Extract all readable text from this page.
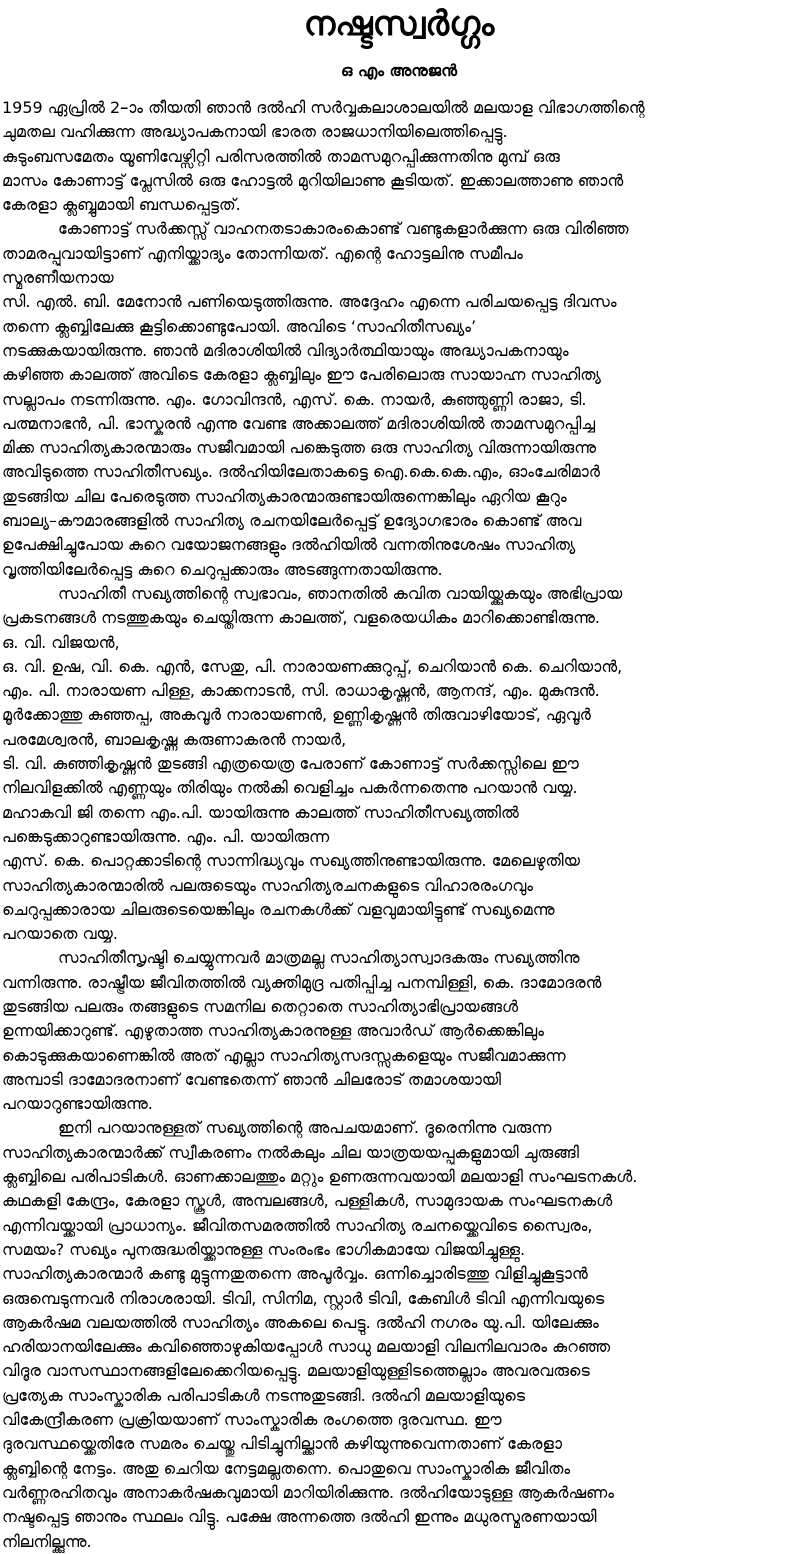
നഷ്ടസ്വർഗ്ഗം
ഒ എം അനുജൻ
1959 ഏപ്രിൽ 2–ാം തീയതി ഞാൻ ദൽഹി സർവ്വകലാശാലയിൽ മലയാള വിഭാഗത്തിന്റെ
ചുമതല വഹിക്കുന്ന അദ്ധ്യാപകനായി ഭാരത രാജധാനിയിലെത്തിപ്പെട്ടു.
കുടുംബസമേതം യൂണിവേഴ്സിറ്റി പരിസരത്തിൽ താമസമുറപ്പിക്കുന്നതിനു മുമ്പ് ഒരു
മാസം കോണാട്ട് പ്ലേസിൽ ഒരു ഹോട്ടൽ മുറിയിലാണു കൂടിയത്. ഇക്കാലത്താണു ഞാൻ
കേരളാ ക്ലബ്ബുമായി ബന്ധപ്പെട്ടത്.
കോണാട്ട് സർക്കസ്സ് വാഹനതടാകാരംകൊണ്ട് വണ്ടുകളാർക്കുന്ന ഒരു വിരിഞ്ഞ
താമരപ്പൂവായിട്ടാണ് എനിയ്ക്കാദ്യം തോന്നിയത്. എന്റെ ഹോട്ടലിനു സമീപം
സ്മരണീയനായ
സി. എൽ. ബി. മേനോൻ പണിയെടുത്തിരുന്നു. അദ്ദേഹം എന്നെ പരിചയപ്പെട്ട ദിവസം
തന്നെ ക്ലബ്ബിലേക്കു കൂട്ടിക്കൊണ്ടുപോയി. അവിടെ ‘സാഹിതീസഖ്യം’
നടക്കുകയായിരുന്നു. ഞാൻ മദിരാശിയിൽ വിദ്യാർത്ഥിയായും അദ്ധ്യാപകനായും
കഴിഞ്ഞ കാലത്ത് അവിടെ കേരളാ ക്ലബ്ബിലും ഈ പേരിലൊരു സായാഹ്ന സാഹിത്യ
സല്ലാപം നടന്നിരുന്നു. എം. ഗോവിന്ദൻ, എസ്. കെ. നായർ, കുഞ്ഞുണ്ണി രാജാ, ടി.
പത്മനാഭൻ, പി. ഭാസ്കരൻ എന്നു വേണ്ട അക്കാലത്ത് മദിരാശിയിൽ താമസമുറപ്പിച്ച
മിക്ക സാഹിത്യകാരന്മാരും സജീവമായി പങ്കെടുത്ത ഒരു സാഹിത്യ വിരുന്നായിരുന്നു
അവിടുത്തെ സാഹിതീസഖ്യം. ദൽഹിയിലേതാകട്ടെ ഐ.കെ.കെ.എം, ഓംചേരിമാർ
തുടങ്ങിയ ചില പേരെടുത്ത സാഹിത്യകാരന്മാരുണ്ടായിരുന്നെങ്കിലും ഏറിയ കൂറും
ബാല്യ–കൗമാരങ്ങളിൽ സാഹിത്യ രചനയിലേർപ്പെട്ട് ഉദ്യോഗഭാരം കൊണ്ട് അവ
ഉപേക്ഷിച്ചുപോയ കുറെ വയോജനങ്ങളും ദൽഹിയിൽ വന്നതിനുശേഷം സാഹിത്യ
വൃത്തിയിലേർപ്പെട്ട കുറെ ചെറുപ്പക്കാരും അടങ്ങുന്നതായിരുന്നു.
സാഹിതീ സഖ്യത്തിന്റെ സ്വഭാവം, ഞാനതിൽ കവിത വായിയ്ക്കുകയും അഭിപ്രായ
പ്രകടനങ്ങൾ നടത്തുകയും ചെയ്തിരുന്ന കാലത്ത്, വളരെയധികം മാറിക്കൊണ്ടിരുന്നു.
ഒ. വി. വിജയൻ,
ഒ. വി. ഉഷ, വി. കെ. എൻ, സേതു, പി. നാരായണക്കുറുപ്പ്, ചെറിയാൻ കെ. ചെറിയാൻ,
എം. പി. നാരായണ പിള്ള, കാക്കനാടൻ, സി. രാധാകൃഷ്ണൻ, ആനന്ദ്, എം. മുകുന്ദൻ.
മൂർക്കോത്തു കുഞ്ഞപ്പ, അകവൂർ നാരായണൻ, ഉണ്ണികൃഷ്ണൻ തിരുവാഴിയോട്, ഏവൂർ
പരമേശ്വരൻ, ബാലകൃഷ്ണ കരുണാകരൻ നായർ,
ടി. വി. കുഞ്ഞികൃഷ്ണൻ തുടങ്ങി എത്രയെത്ര പേരാണ് കോണാട്ട് സർക്കസ്സിലെ ഈ
നിലവിളക്കിൽ എണ്ണയും തിരിയും നൽകി വെളിച്ചം പകർന്നതെന്നു പറയാൻ വയ്യ.
മഹാകവി ജി തന്നെ എം.പി. യായിരുന്നു കാലത്ത് സാഹിതീസഖ്യത്തിൽ
പങ്കെടുക്കാറുണ്ടായിരുന്നു. എം. പി. യായിരുന്ന
എസ്. കെ. പൊറ്റക്കാടിന്റെ സാന്നിദ്ധ്യവും സഖ്യത്തിനുണ്ടായിരുന്നു. മേലെഴുതിയ
സാഹിത്യകാരന്മാരിൽ പലരുടെയും സാഹിത്യരചനകളുടെ വിഹാരരംഗവും
ചെറുപ്പക്കാരായ ചിലരുടെയെങ്കിലും രചനകൾക്ക് വളവുമായിട്ടുണ്ട് സഖ്യമെന്നു
പറയാതെ വയ്യ.
സാഹിതീസൃഷ്ടി ചെയ്യുന്നവർ മാത്രമല്ല സാഹിത്യാസ്വാദകരും സഖ്യത്തിനു
വന്നിരുന്നു. രാഷ്ട്രീയ ജീവിതത്തിൽ വ്യക്തിമുദ്ര പതിപ്പിച്ച പനമ്പിള്ളി, കെ. ദാമോദരൻ
തുടങ്ങിയ പലരും തങ്ങളുടെ സമനില തെറ്റാതെ സാഹിത്യാഭിപ്രായങ്ങൾ
ഉന്നയിക്കാറുണ്ട്. എഴുതാത്ത സാഹിത്യകാരനുള്ള അവാർഡ് ആർക്കെങ്കിലും
കൊടുക്കുകയാണെങ്കിൽ അത് എല്ലാ സാഹിത്യസദസ്സുകളെയും സജീവമാക്കുന്ന
അമ്പാടി ദാമോദരനാണ് വേണ്ടതെന്ന് ഞാൻ ചിലരോട് തമാശയായി
പറയാറുണ്ടായിരുന്നു.
ഇനി പറയാനുള്ളത് സഖ്യത്തിന്റെ അപചയമാണ്. ദൂരെനിന്നു വരുന്ന
സാഹിത്യകാരന്മാർക്ക് സ്വീകരണം നൽകലും ചില യാത്രയയപ്പുകളുമായി ചുരുങ്ങി
ക്ലബ്ബിലെ പരിപാടികൾ. ഓണക്കാലത്തും മറ്റും ഉണരുന്നവയായി മലയാളി സംഘടനകൾ.
കഥകളി കേന്ദ്രം, കേരളാ സ്കൂൾ, അമ്പലങ്ങൾ, പള്ളികൾ, സാമുദായക സംഘടനകൾ
എന്നിവയ്ക്കായി പ്രാധാന്യം. ജീവിതസമരത്തിൽ സാഹിത്യ രചനയ്ക്കെവിടെ സ്വൈരം,
സമയം? സഖ്യം പുനരുദ്ധരിയ്ക്കാനുള്ള സംരംഭം ഭാഗികമായേ വിജയിച്ചുള്ളു.
സാഹിത്യകാരന്മാർ കണ്ടു മുട്ടുന്നതുതന്നെ അപൂർവ്വം. ഒന്നിച്ചൊരിടത്തു വിളിച്ചുകൂട്ടാൻ
ഒരുമ്പെടുന്നവർ നിരാശരായി. ടിവി, സിനിമ, സ്റ്റാർ ടിവി, കേബിൾ ടിവി എന്നിവയുടെ
ആകർഷമ വലയത്തിൽ സാഹിത്യം അകലെ പെട്ടു. ദൽഹി നഗരം യു.പി. യിലേക്കും
ഹരിയാനയിലേക്കും കവിഞ്ഞൊഴുകിയപ്പോൾ സാധു മലയാളി വിലനിലവാരം കുറഞ്ഞ
വിദൂര വാസസ്ഥാനങ്ങളിലേക്കെറിയപ്പെട്ടു. മലയാളിയുള്ളിടത്തെല്ലാം അവരവരുടെ
പ്രത്യേക സാംസ്കാരിക പരിപാടികൾ നടന്നുതുടങ്ങി. ദൽഹി മലയാളിയുടെ
വികേന്ദ്രീകരണ പ്രക്രിയയാണ് സാംസ്കാരിക രംഗത്തെ ദുരവസ്ഥ. ഈ
ദുരവസ്ഥയ്ക്കെതിരേ സമരം ചെയ്തു പിടിച്ചുനില്ക്കാൻ കഴിയുന്നുവെന്നതാണ് കേരളാ
ക്ലബ്ബിന്റെ നേട്ടം. അതു ചെറിയ നേട്ടമല്ലതന്നെ. പൊതുവെ സാംസ്കാരിക ജീവിതം
വർണ്ണരഹിതവും അനാകർഷകവുമായി മാറിയിരിക്കുന്നു. ദൽഹിയോടുള്ള ആകർഷണം
നഷ്ടപ്പെട്ട ഞാനും സ്ഥലം വിട്ടു. പക്ഷേ അന്നത്തെ ദൽഹി ഇന്നും മധുരസ്മരണയായി
നിലനില്ക്കുന്നു.
